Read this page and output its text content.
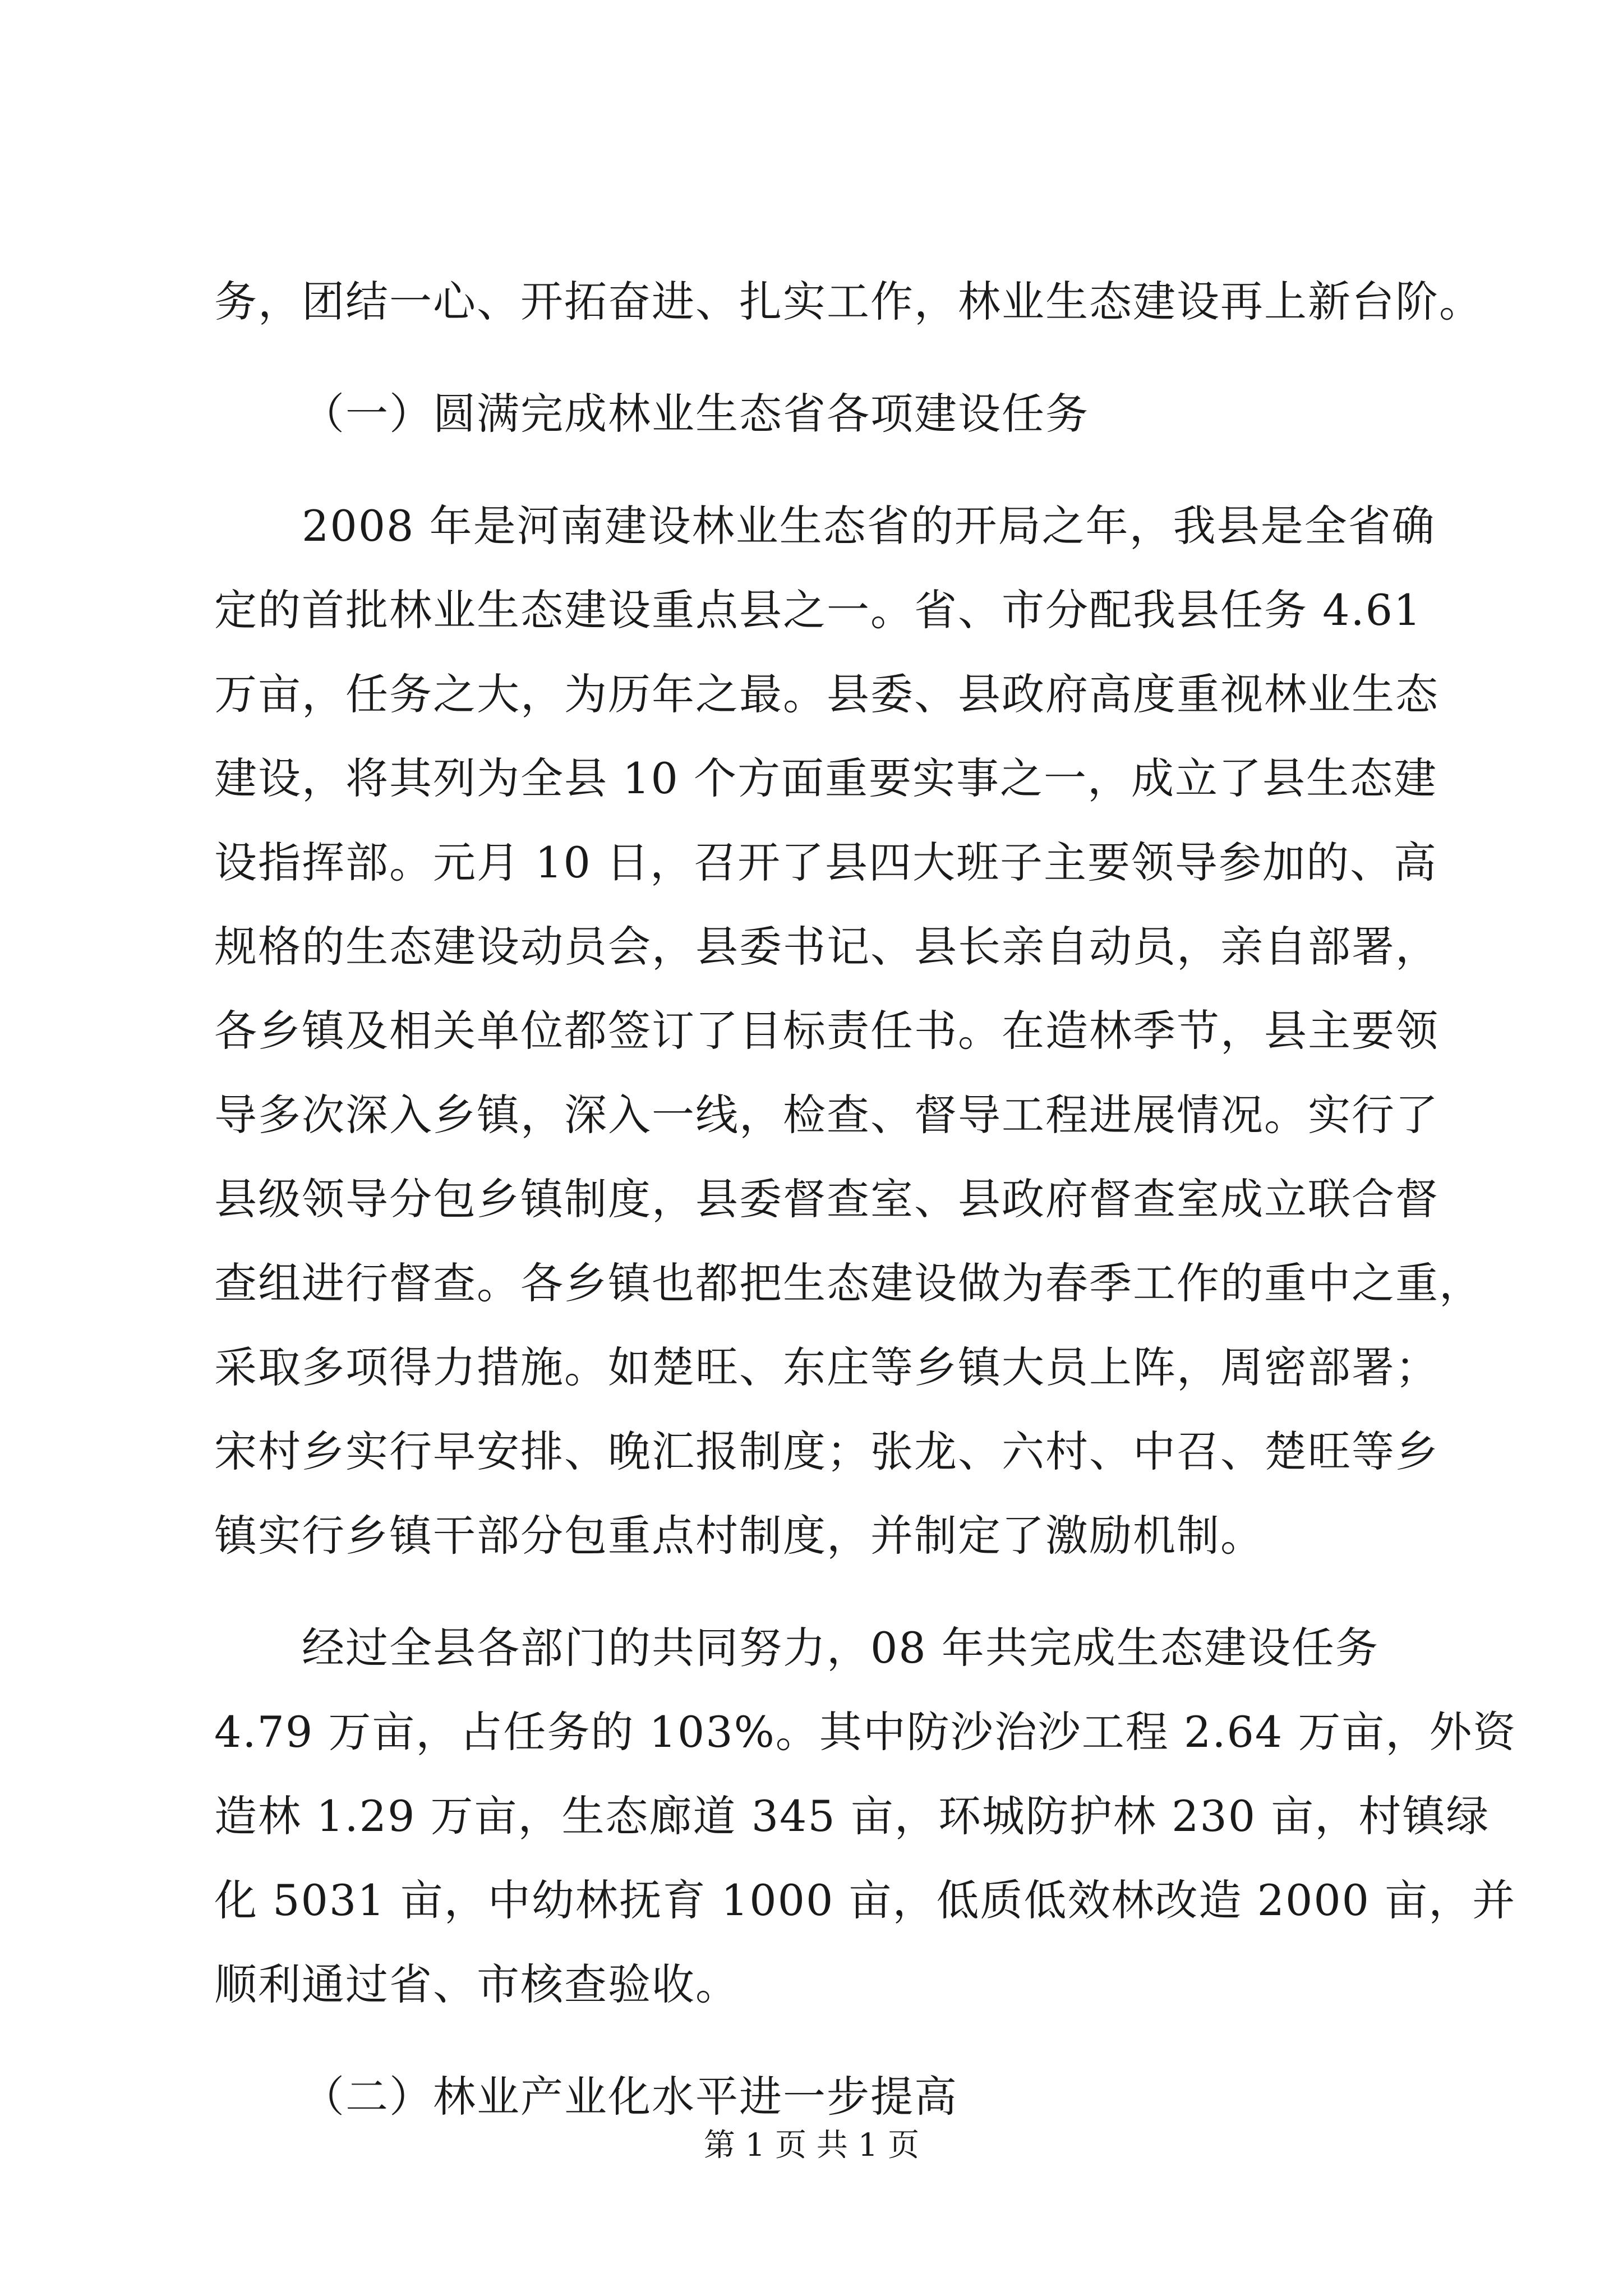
务，团结一心、开拓奋进、扎实工作，林业生态建设再上新台阶。
（一）圆满完成林业生态省各项建设任务
2008 年是河南建设林业生态省的开局之年，我县是全省确
定的首批林业生态建设重点县之一。省、市分配我县任务 4.61
万亩，任务之大，为历年之最。县委、县政府高度重视林业生态
建设，将其列为全县 10 个方面重要实事之一，成立了县生态建
设指挥部。元月 10 日，召开了县四大班子主要领导参加的、高
规格的生态建设动员会，县委书记、县长亲自动员，亲自部署，
各乡镇及相关单位都签订了目标责任书。在造林季节，县主要领
导多次深入乡镇，深入一线，检查、督导工程进展情况。实行了
县级领导分包乡镇制度，县委督查室、县政府督查室成立联合督
查组进行督查。各乡镇也都把生态建设做为春季工作的重中之重，
采取多项得力措施。如楚旺、东庄等乡镇大员上阵，周密部署；
宋村乡实行早安排、晚汇报制度；张龙、六村、中召、楚旺等乡
镇实行乡镇干部分包重点村制度，并制定了激励机制。
经过全县各部门的共同努力，08 年共完成生态建设任务
4.79 万亩，占任务的 103%。其中防沙治沙工程 2.64 万亩，外资
造林 1.29 万亩，生态廊道 345 亩，环城防护林 230 亩，村镇绿
化 5031 亩，中幼林抚育 1000 亩，低质低效林改造 2000 亩，并
顺利通过省、市核查验收。
（二）林业产业化水平进一步提高
第 1 页 共 1 页
